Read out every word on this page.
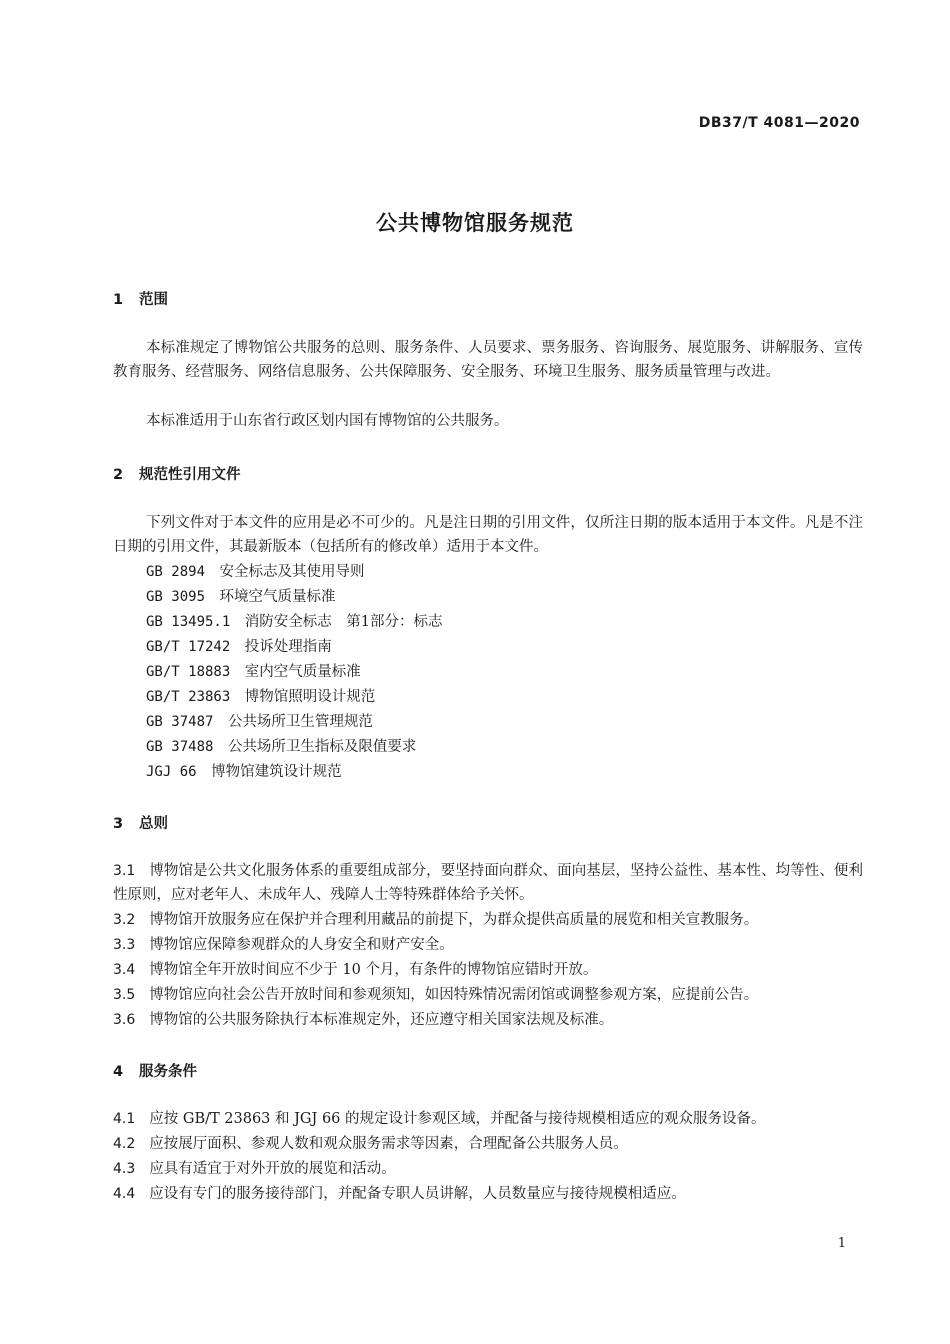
DB37/T 4081—2020
公共博物馆服务规范
1 范围
本标准规定了博物馆公共服务的总则、服务条件、人员要求、票务服务、咨询服务、展览服务、讲解服务、宣传教育服务、经营服务、网络信息服务、公共保障服务、安全服务、环境卫生服务、服务质量管理与改进。
本标准适用于山东省行政区划内国有博物馆的公共服务。
2 规范性引用文件
下列文件对于本文件的应用是必不可少的。凡是注日期的引用文件，仅所注日期的版本适用于本文件。凡是不注日期的引用文件，其最新版本（包括所有的修改单）适用于本文件。
GB 2894　 安全标志及其使用导则
GB 3095　 环境空气质量标准
GB 13495.1　 消防安全标志　第1部分：标志
GB/T 17242　 投诉处理指南
GB/T 18883　 室内空气质量标准
GB/T 23863　 博物馆照明设计规范
GB 37487　 公共场所卫生管理规范
GB 37488　 公共场所卫生指标及限值要求
JGJ 66　 博物馆建筑设计规范
3 总则
3.1 博物馆是公共文化服务体系的重要组成部分，要坚持面向群众、面向基层，坚持公益性、基本性、均等性、便利性原则，应对老年人、未成年人、残障人士等特殊群体给予关怀。
3.2 博物馆开放服务应在保护并合理利用藏品的前提下，为群众提供高质量的展览和相关宣教服务。
3.3 博物馆应保障参观群众的人身安全和财产安全。
3.4 博物馆全年开放时间应不少于 10 个月，有条件的博物馆应错时开放。
3.5 博物馆应向社会公告开放时间和参观须知，如因特殊情况需闭馆或调整参观方案，应提前公告。
3.6 博物馆的公共服务除执行本标准规定外，还应遵守相关国家法规及标准。
4 服务条件
4.1 应按 GB/T 23863 和 JGJ 66 的规定设计参观区域，并配备与接待规模相适应的观众服务设备。
4.2 应按展厅面积、参观人数和观众服务需求等因素，合理配备公共服务人员。
4.3 应具有适宜于对外开放的展览和活动。
4.4 应设有专门的服务接待部门，并配备专职人员讲解，人员数量应与接待规模相适应。
1
